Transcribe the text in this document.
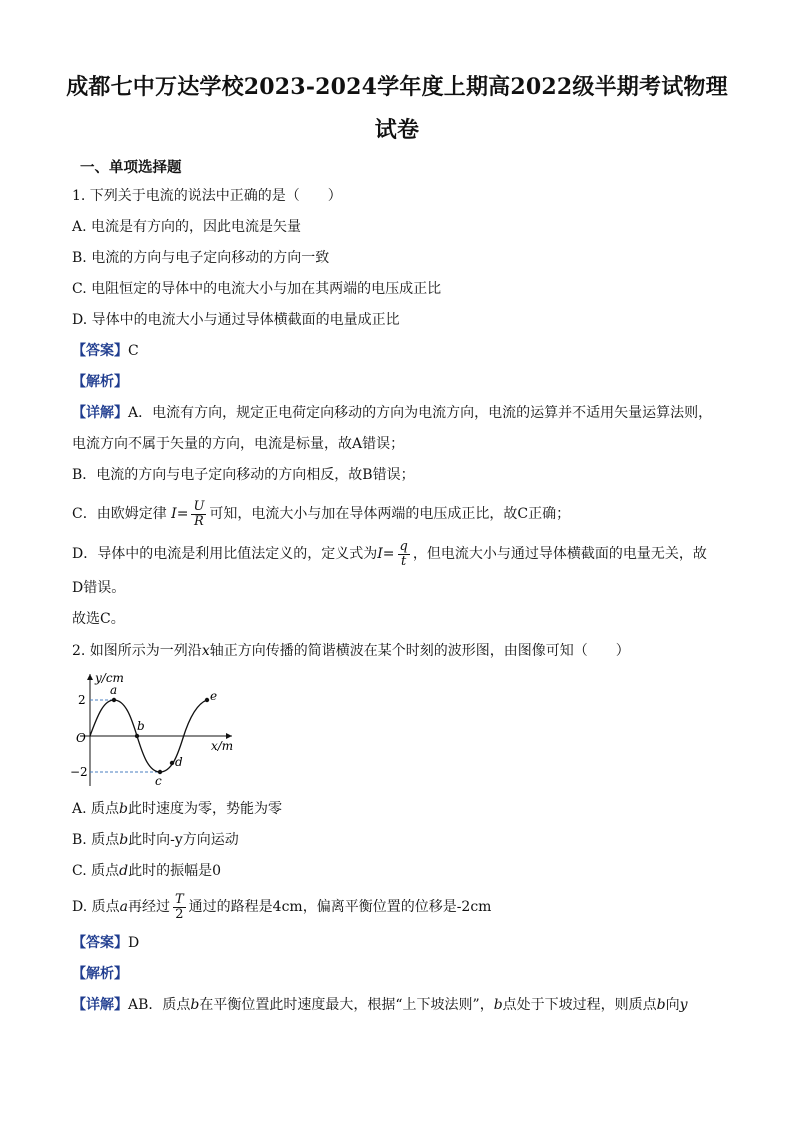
成都七中万达学校2023-2024学年度上期高2022级半期考试物理
试卷
一、单项选择题
1. 下列关于电流的说法中正确的是（　　）
A. 电流是有方向的，因此电流是矢量
B. 电流的方向与电子定向移动的方向一致
C. 电阻恒定的导体中的电流大小与加在其两端的电压成正比
D. 导体中的电流大小与通过导体横截面的电量成正比
【答案】C
【解析】
【详解】A．电流有方向，规定正电荷定向移动的方向为电流方向，电流的运算并不适用矢量运算法则，
电流方向不属于矢量的方向，电流是标量，故A错误；
B．电流的方向与电子定向移动的方向相反，故B错误；
C．由欧姆定律 $I= \frac{U}{R}$ 可知，电流大小与加在导体两端的电压成正比，故C正确；
D．导体中的电流是利用比值法定义的，定义式为$I= \frac{q}{t}$ ，但电流大小与通过导体横截面的电量无关，故
D错误。
故选C。
2. 如图所示为一列沿x轴正方向传播的简谐横波在某个时刻的波形图，由图像可知（　　）
y/cm
x/m
O
2
−2
a
b
c
d
e
A. 质点b此时速度为零，势能为零
B. 质点b此时向-y方向运动
C. 质点d此时的振幅是0
D. 质点a再经过 $\frac{T}{2}$ 通过的路程是4cm，偏离平衡位置的位移是-2cm
【答案】D
【解析】
【详解】AB．质点b在平衡位置此时速度最大，根据“上下坡法则”，b点处于下坡过程，则质点b向y
